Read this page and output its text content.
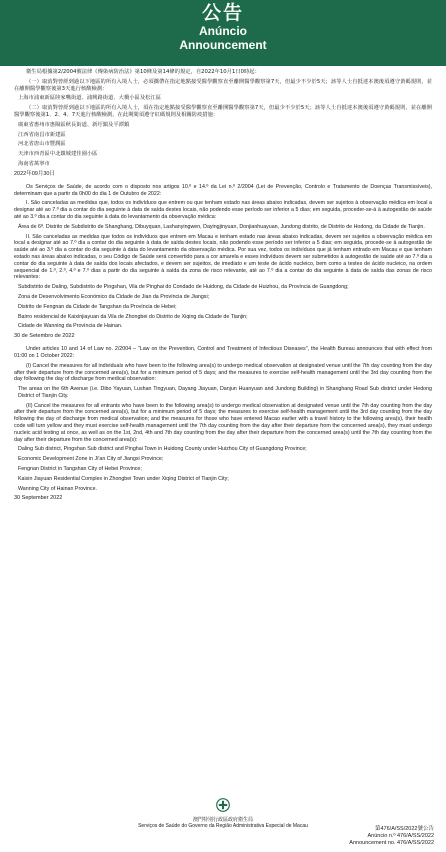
公告
Anúncio
Announcement

衛生局根據第2/2004號法律《傳染病防治法》第10條及第14條的規定，自2022年10月1日0時起：

（一）取消對曾經到過以下地區的所有入境人士，必須攜帶在指定地點接受醫學觀察直至離開醫學觀察第7天，但最少不少於5天；該等人士自抵達本澳後須遵守黃碼規則，並在離開醫學觀察後第3天進行核酸檢測：

上海市浦東新區陸家嘴街道、浦興路街道、大橋小區及松江區

（二）取消對曾經到過以下地區的所有入境人士，須在指定地點接受醫學觀察直至離開醫學觀察第7天，但最少不少於5天；該等人士自抵達本澳後須遵守黃碼規則，並在離開醫學觀察後第1、2、4、7天進行核酸檢測，在此期間須遵守紅碼規則及相關防疫措施：

廣東省惠州市惠陽區秋長街道、新圩鎮及平潭鎮

江西省南昌市新建區

河北省唐山市豐潤區

天津市西青區中北鎮城建佳園小區

海南省萬寧市

2022年09月30日

Os Serviços de Saúde, de acordo com o disposto nos artigos 10.º e 14.º da Lei n.º 2/2004 (Lei de Prevenção, Controlo e Tratamento de Doenças Transmissíveis), determinam que a partir da 0h00 do dia 1 de Outubro de 2022:

I. São canceladas as medidas que, todos os indivíduos que entrem ou que tenham estado nas áreas abaixo indicadas, devem ser sujeitos à observação médica em local a designar até ao 7.º dia a contar do dia seguinte à data de saída destes locais, não podendo esse período ser inferior a 5 dias; em seguida, proceder-se-á à autogestão de saúde até ao 3.º dia a contar do dia seguinte à data do levantamento da observação médica:

Área de 6ª. Distrito de Subdistrito de Shanghang, Dibuyquan, Lashanyingwen, Dayingjinyuan, Donjianhuayuan, Jundong distrito, de Distrito de Hodong, da Cidade de Tianjin.

II. São canceladas as medidas que todos os indivíduos que entrem em Macau e tenham estado nas áreas abaixo indicadas, devem ser sujeitos a observação médica em local a designar até ao 7.º dia a contar do dia seguinte à data de saída destes locais, não podendo esse período ser inferior a 5 dias; em seguida, procede-se à autogestão de saúde até ao 3.º dia a contar do dia seguinte à data do levantamento da observação médica. Por sua vez, todos os indivíduos que já tenham entrado em Macau e que tenham estado nas áreas abaixo indicadas, o seu Código de Saúde será convertido para a cor amarela e esses indivíduos devem ser submetidos à autogestão de saúde até ao 7.º dia a contar do dia seguinte à data de saída dos locais afectados, e devem ser sujeitos, de imediato e um teste de ácido nucleico, bem como a testes de ácido nucleico, na ordem sequencial de 1.º, 2.º, 4.º e 7.º dias a partir do dia seguinte à saída da zona de risco relevante, até ao 7.º dia a contar do dia seguinte à data de saída das zonas de risco relevantes:

Subdistrito de Daling, Subdistrito de Pingshan, Vila de Pinghai do Condado de Huidong, da Cidade de Huizhou, da Província de Guangdong;

Zona de Desenvolvimento Económico da Cidade de Jian da Província de Jiangxi;

Distrito de Fengnan da Cidade de Tangshan da Província de Hebei;

Bairro residencial de Kaixinjiayuan da Vila de Zhongbei do Distrito de Xiqing da Cidade de Tianjin;

Cidade de Wanning da Província de Hainan.

30 de Setembro de 2022

Under articles 10 and 14 of Law no. 2/2004 – "Law on the Prevention, Control and Treatment of Infectious Diseases", the Health Bureau announces that with effect from 01:00 on 1 October 2022:

(I) Cancel the measures for all individuals who have been to the following area(s) to undergo medical observation at designated venue until the 7th day counting from the day after their departure from the concerned area(s), but for a minimum period of 5 days; and the measures to exercise self-health management until the 3rd day counting from the day following the day of discharge from medical observation:

The areas on the 6th Avenue (i.e. Dibo Yayuan, Lushan Tingyuan, Dayang Jiayuan, Danjun Huanyuan and Jundong Building) in Shanghang Road Sub district under Hedong District of Tianjin City.

(II) Cancel the measures for all entrants who have been to the following area(s) to undergo medical observation at designated venue until the 7th day counting from the day after their departure from the concerned area(s), but for a minimum period of 5 days; the measures to exercise self-health management until the 3rd day counting from the day following the day of discharge from medical observation; and the measures for those who have entered Macao earlier with a travel history to the following area(s), their health code will turn yellow and they must exercise self-health management until the 7th day counting from the day after their departure from the concerned area(s), they must undergo nucleic acid testing at once, as well as on the 1st, 2nd, 4th and 7th day counting from the day after their departure from the concerned area(s) until the 7th day counting from the day after their departure from the concerned area(s):

Daling Sub district, Pingshan Sub district and Pinghai Town in Huidong County under Huizhou City of Guangdong Province;

Economic Development Zone in Ji'an City of Jiangxi Province;

Fengnan District in Tangshan City of Hebei Province;

Kaixin Jiayuan Residential Complex in Zhongbei Town under Xiqing District of Tianjin City;

Wanning City of Hainan Province.

30 September 2022
澳門特別行政區政府衛生局
Serviços de Saúde do Governo da Região Administrativa Especial de Macau	第476/A/SS/2022號公告
Anúncio n.º 476/A/SS/2022
Announcement no. 476/A/SS/2022
